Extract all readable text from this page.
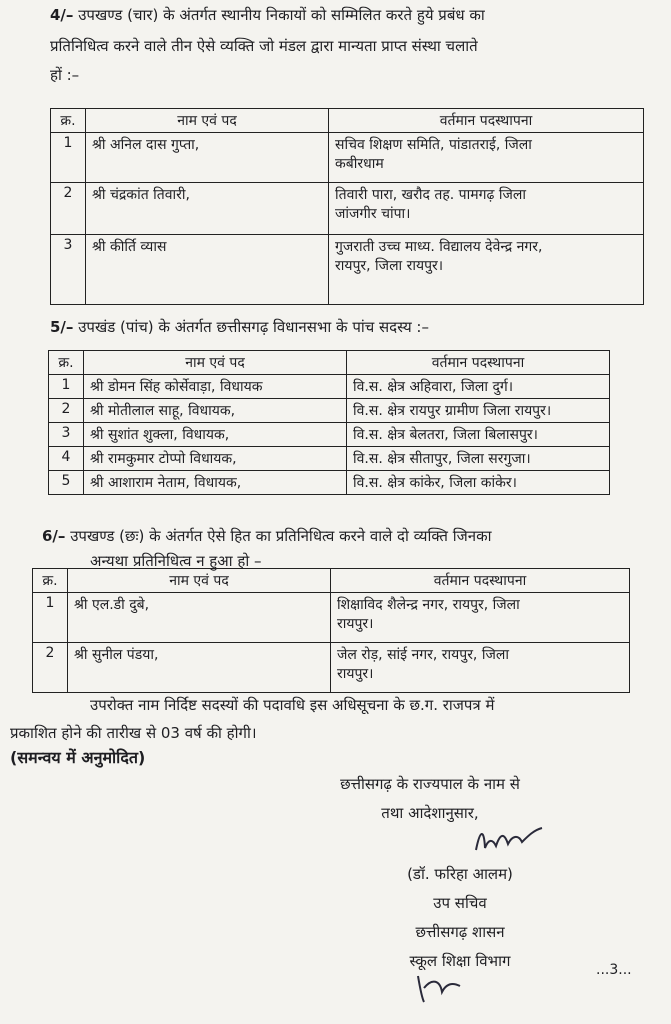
4/– उपखण्ड (चार) के अंतर्गत स्थानीय निकायों को सम्मिलित करते हुये प्रबंध का

प्रतिनिधित्व करने वाले तीन ऐसे व्यक्ति जो मंडल द्वारा मान्यता प्राप्त संस्था चलाते

हों :–

क्र.	नाम एवं पद	वर्तमान पदस्थापना
1	श्री अनिल दास गुप्ता,	सचिव शिक्षण समिति, पांडातराई, जिला
कबीरधाम

2	श्री चंद्रकांत तिवारी,	तिवारी पारा, खरौद तह. पामगढ़ जिला
जांजगीर चांपा।

3	श्री कीर्ति व्यास	गुजराती उच्च माध्य. विद्यालय देवेन्द्र नगर,
रायपुर, जिला रायपुर।

5/– उपखंड (पांच) के अंतर्गत छत्तीसगढ़ विधानसभा के पांच सदस्य :–

क्र.	नाम एवं पद	वर्तमान पदस्थापना
1	श्री डोमन सिंह कोर्सेवाड़ा, विधायक	वि.स. क्षेत्र अहिवारा, जिला दुर्ग।
2	श्री मोतीलाल साहू, विधायक,	वि.स. क्षेत्र रायपुर ग्रामीण जिला रायपुर।
3	श्री सुशांत शुक्ला, विधायक,	वि.स. क्षेत्र बेलतरा, जिला बिलासपुर।
4	श्री रामकुमार टोप्पो विधायक,	वि.स. क्षेत्र सीतापुर, जिला सरगुजा।
5	श्री आशाराम नेताम, विधायक,	वि.स. क्षेत्र कांकेर, जिला कांकेर।

6/– उपखण्ड (छः) के अंतर्गत ऐसे हित का प्रतिनिधित्व करने वाले दो व्यक्ति जिनका

अन्यथा प्रतिनिधित्व न हुआ हो –

क्र.	नाम एवं पद	वर्तमान पदस्थापना
1	श्री एल.डी दुबे,	शिक्षाविद शैलेन्द्र नगर, रायपुर, जिला
रायपुर।

2	श्री सुनील पंडया,	जेल रोड़, सांई नगर, रायपुर, जिला
रायपुर।

उपरोक्त नाम निर्दिष्ट सदस्यों की पदावधि इस अधिसूचना के छ.ग. राजपत्र में

प्रकाशित होने की तारीख से 03 वर्ष की होगी।

(समन्वय में अनुमोदित)

छत्तीसगढ़ के राज्यपाल के नाम से
तथा आदेशानुसार,
(डॉ. फरिहा आलम)
उप सचिव
छत्तीसगढ़ शासन
स्कूल शिक्षा विभाग	...3...
